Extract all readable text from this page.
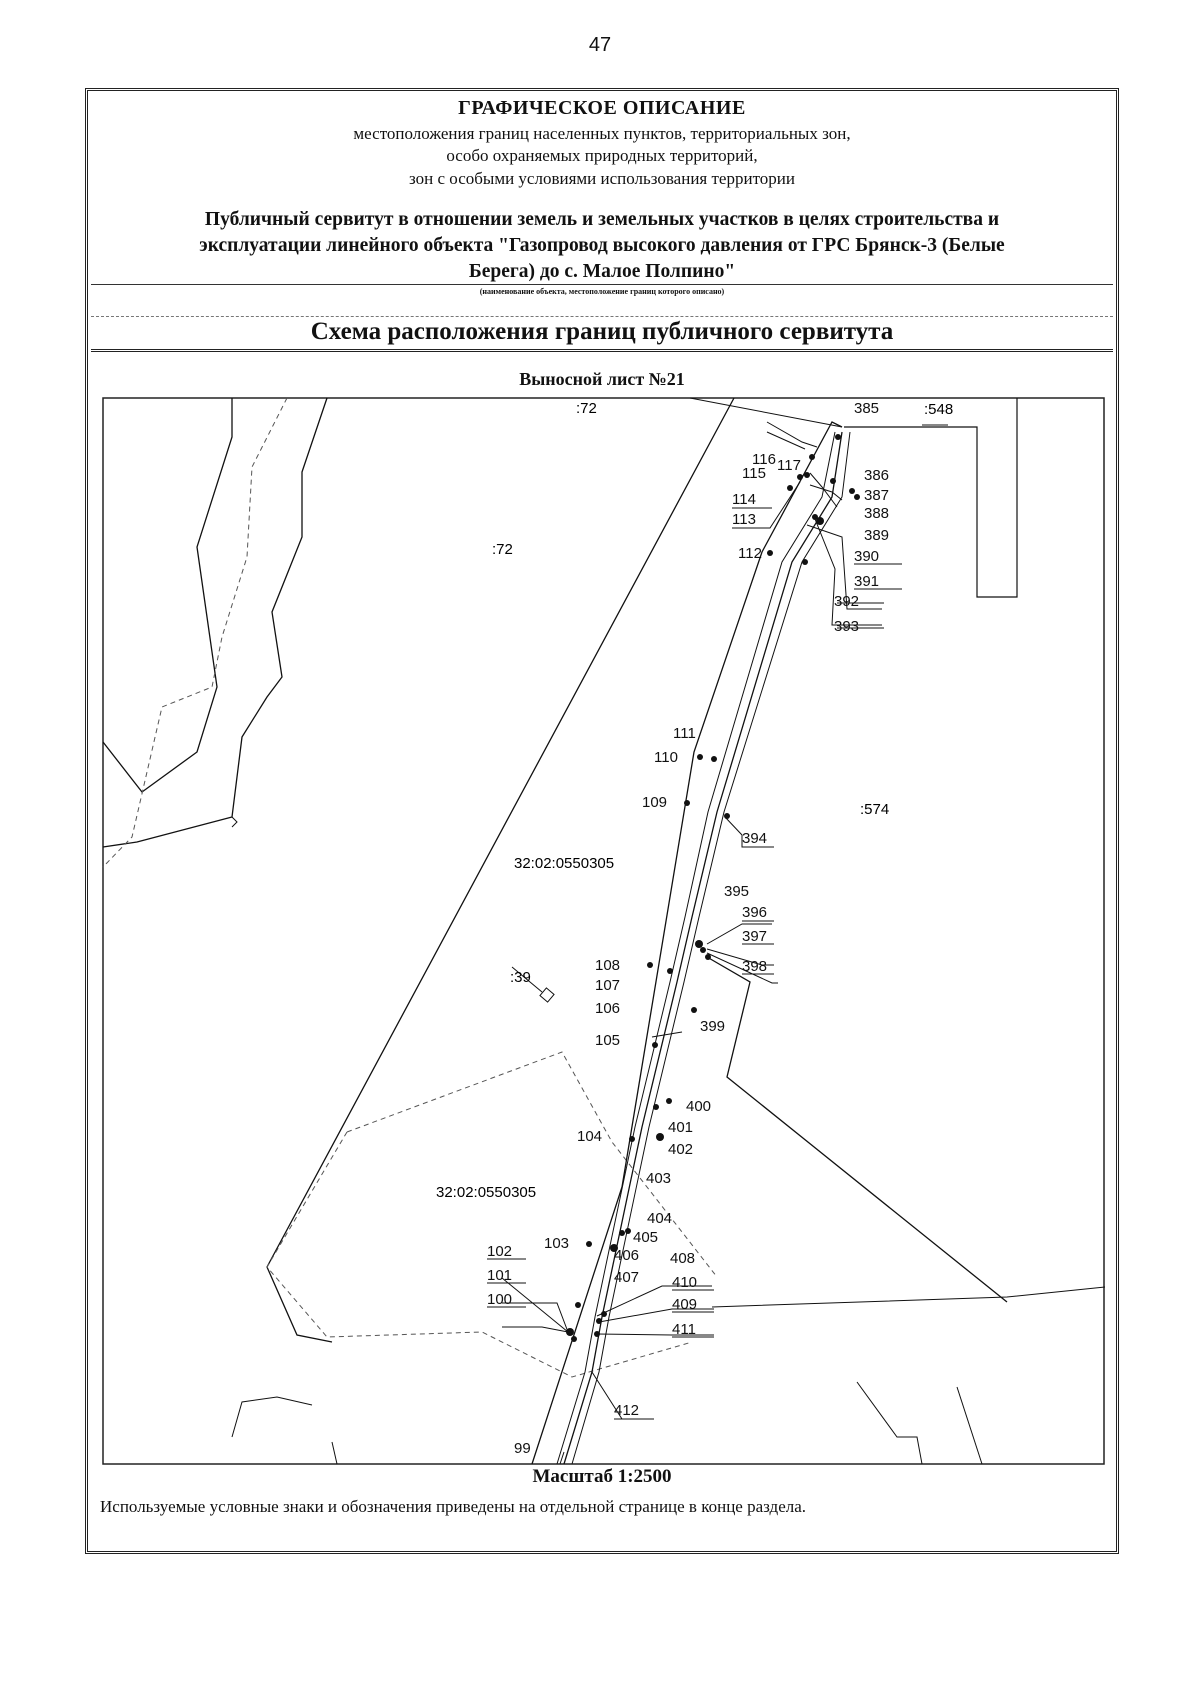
47
ГРАФИЧЕСКОЕ ОПИСАНИЕ
местоположения границ населенных пунктов, территориальных зон,
особо охраняемых природных территорий,
зон с особыми условиями использования территории
Публичный сервитут в отношении земель и земельных участков в целях строительства и
эксплуатации линейного объекта "Газопровод высокого давления от ГРС Брянск-3 (Белые
Берега) до с. Малое Полпино"
(наименование объекта, местоположение границ которого описано)
Схема расположения границ публичного сервитута
Выносной лист №21
:72
:72
:548
:574
32:02:0550305
32:02:0550305
:39
116
115 117
114
113
112
111
110
109
108
107
106
105
104
103
102
101
100
99
385
386
387
388
389
390
391
392
393
394
395
396
397
398
399
400
401
402
403
404
405
406
407
408
410
409
411
412
Масштаб 1:2500
Используемые условные знаки и обозначения приведены на отдельной странице в конце раздела.
